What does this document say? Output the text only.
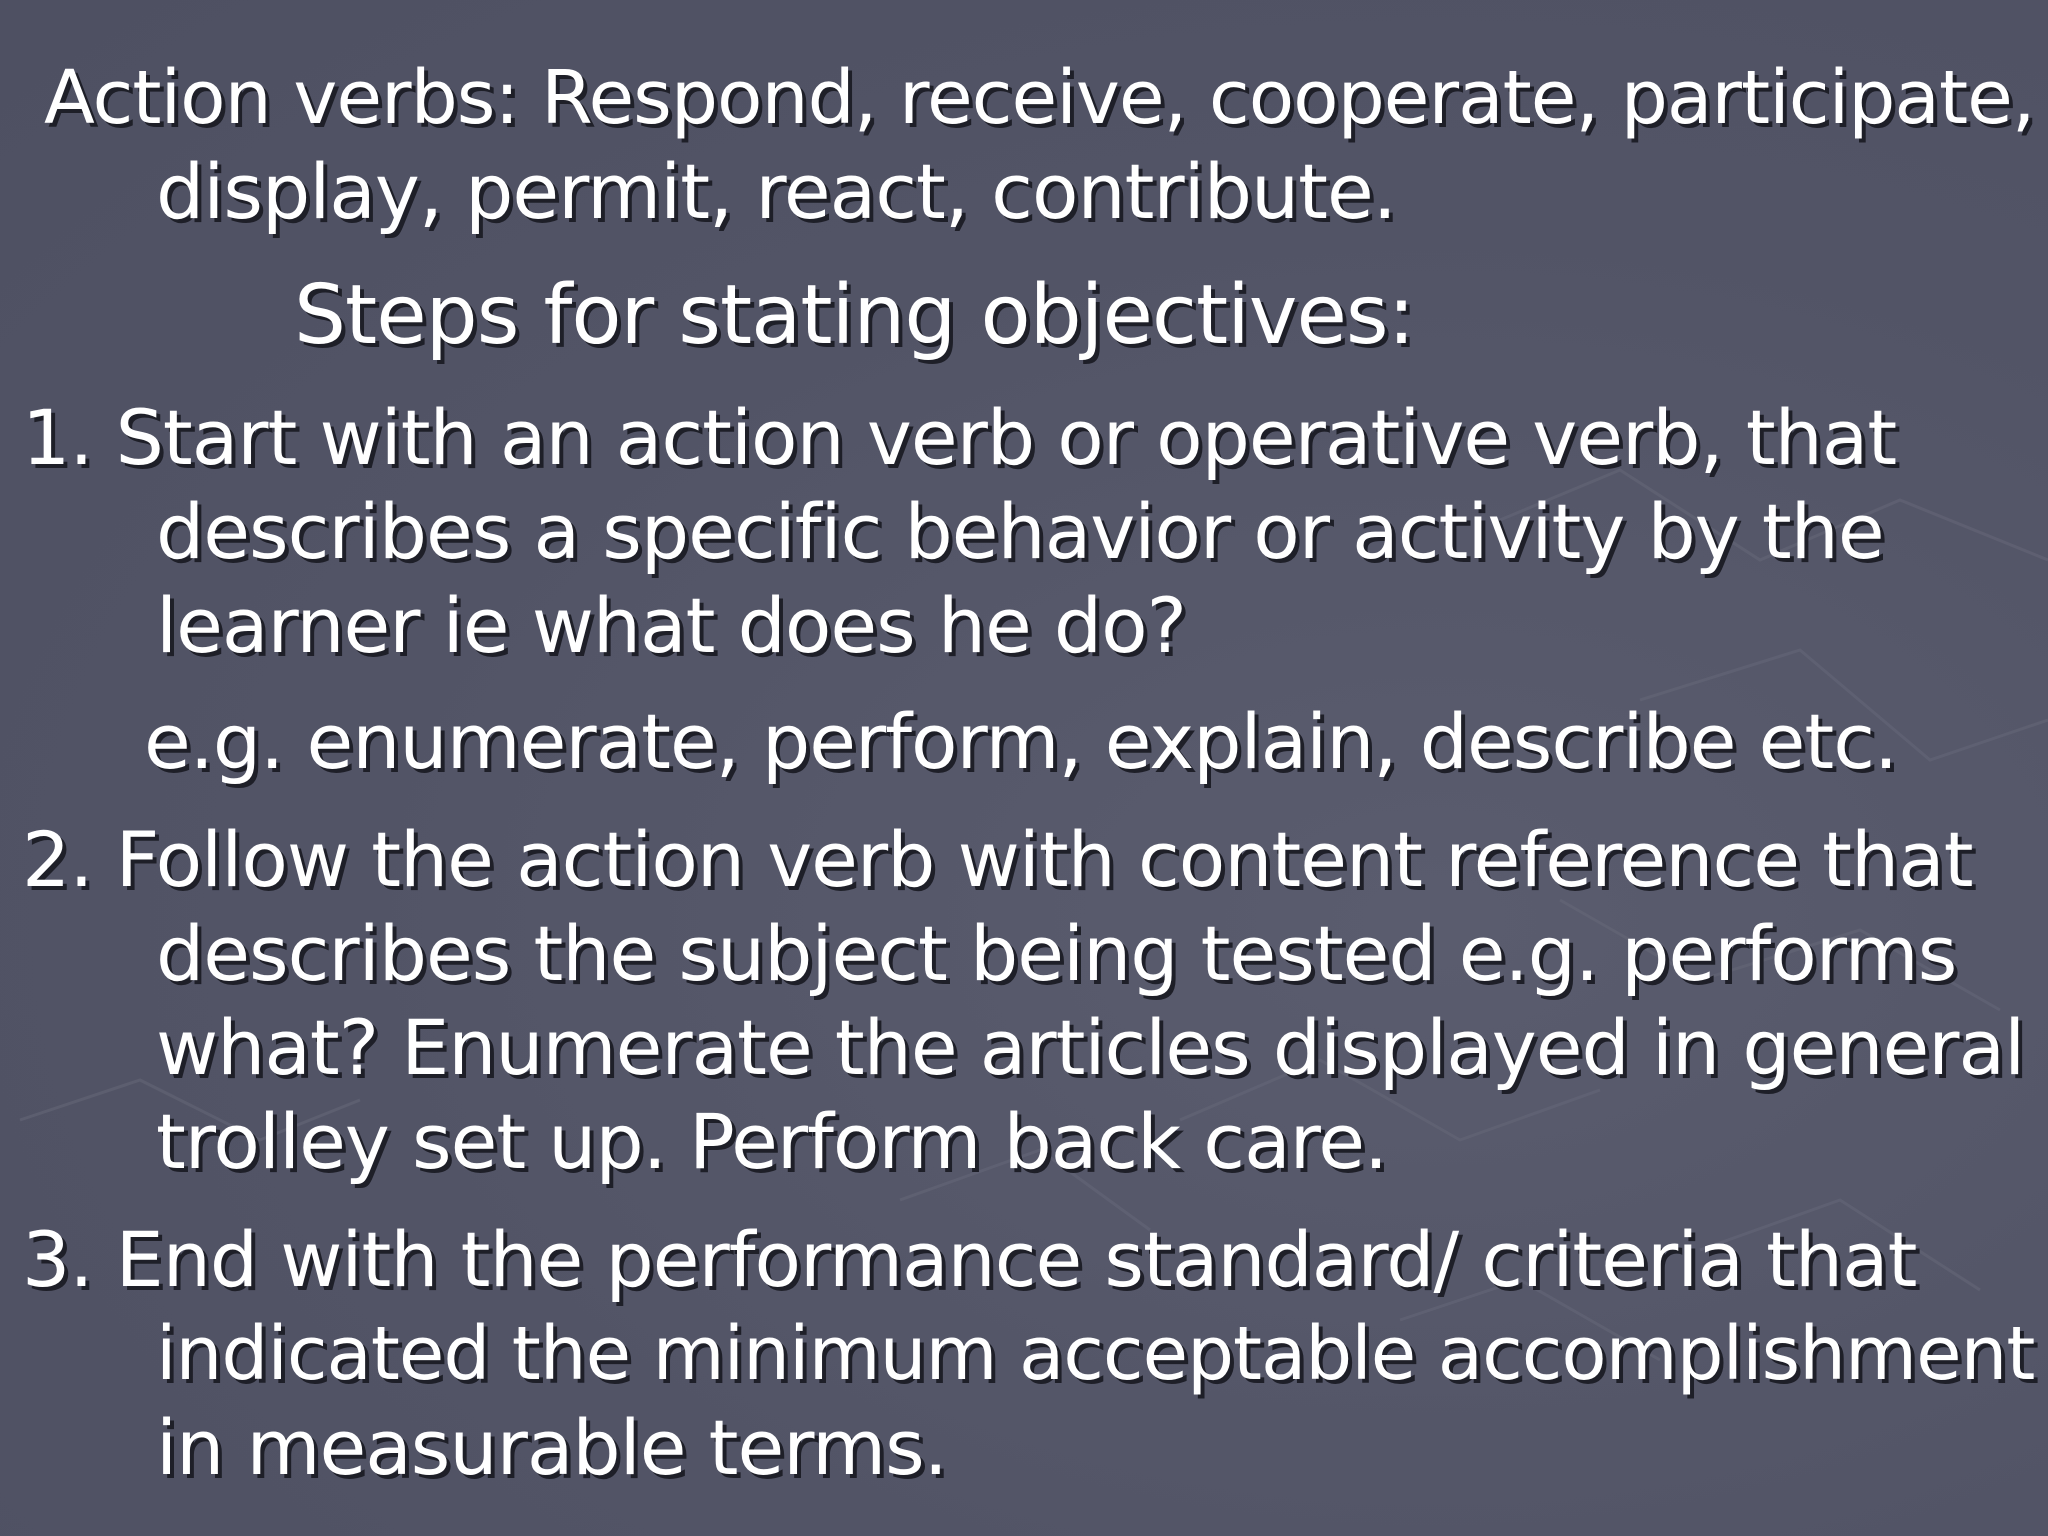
Action verbs: Respond, receive, cooperate, participate,
display, permit, react, contribute.
Steps for stating objectives:
1. Start with an action verb or operative verb, that
describes a specific behavior or activity by the
learner ie what does he do?
e.g. enumerate, perform, explain, describe etc.
2. Follow the action verb with content reference that
describes the subject being tested e.g. performs
what? Enumerate the articles displayed in general
trolley set up. Perform back care.
3. End with the performance standard/ criteria that
indicated the minimum acceptable accomplishment
in measurable terms.
